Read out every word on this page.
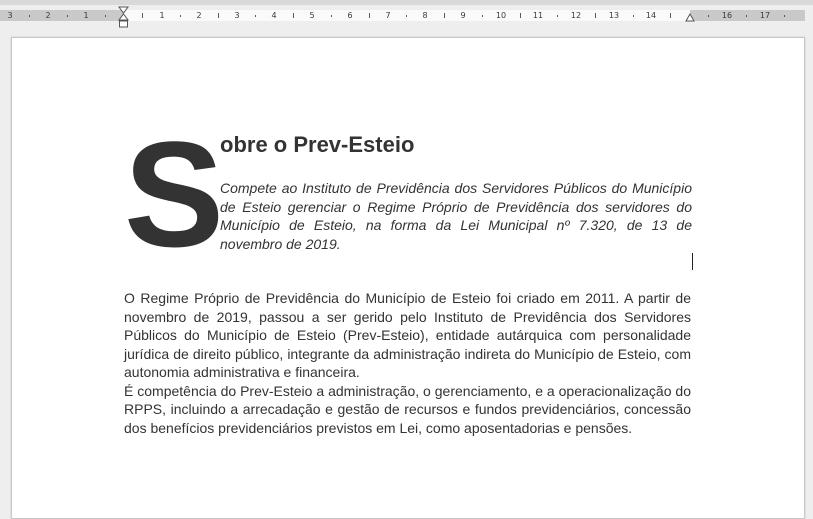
3	2	1	1	2	3	4	5	6	7	8	9	10	11	12	13	14	16	17
S
obre o Prev-Esteio

Compete ao Instituto de Previdência dos Servidores Públicos do Município de Esteio gerenciar o Regime Próprio de Previdência dos servidores do Município de Esteio, na forma da Lei Municipal nº 7.320, de 13 de novembro de 2019.

O Regime Próprio de Previdência do Município de Esteio foi criado em 2011. A partir de novembro de 2019, passou a ser gerido pelo Instituto de Previdência dos Servidores Públicos do Município de Esteio (Prev-Esteio), entidade autárquica com personalidade jurídica de direito público, integrante da administração indireta do Município de Esteio, com autonomia administrativa e financeira.

É competência do Prev-Esteio a administração, o gerenciamento, e a operacionalização do RPPS, incluindo a arrecadação e gestão de recursos e fundos previdenciários, concessão dos benefícios previdenciários previstos em Lei, como aposentadorias e pensões.
